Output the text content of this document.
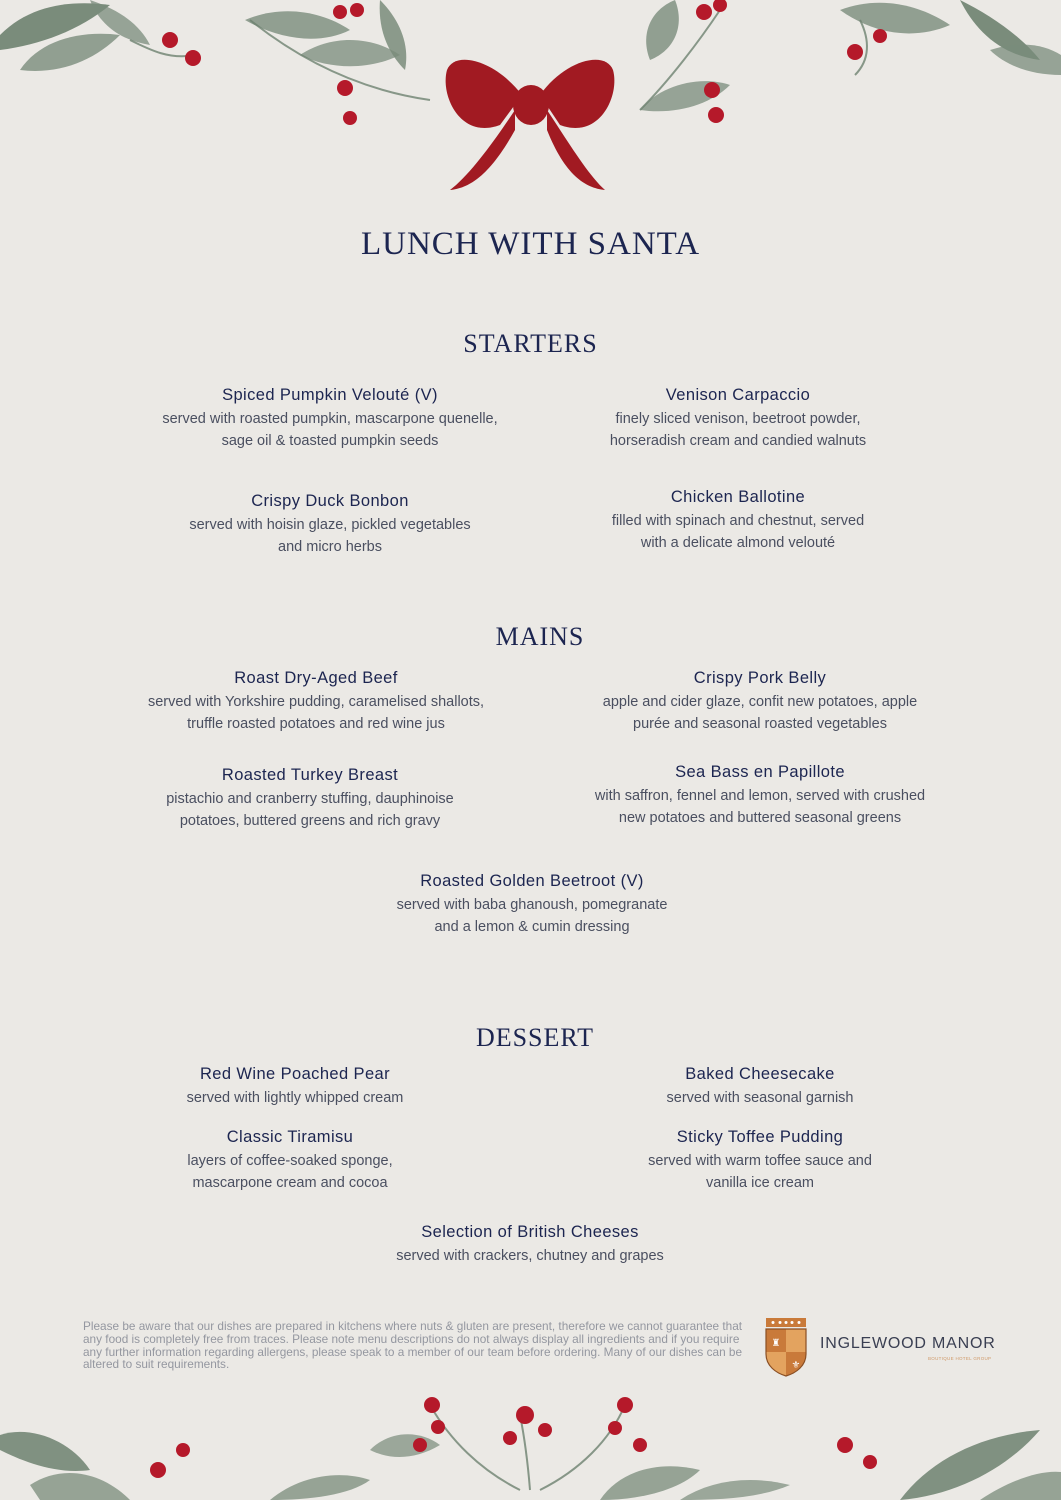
LUNCH WITH SANTA
STARTERS
Spiced Pumpkin Velouté (V)
served with roasted pumpkin, mascarpone quenelle,
sage oil & toasted pumpkin seeds
Venison Carpaccio
finely sliced venison, beetroot powder,
horseradish cream and candied walnuts
Crispy Duck Bonbon
served with hoisin glaze, pickled vegetables
and micro herbs
Chicken Ballotine
filled with spinach and chestnut, served
with a delicate almond velouté
MAINS
Roast Dry-Aged Beef
served with Yorkshire pudding, caramelised shallots,
truffle roasted potatoes and red wine jus
Crispy Pork Belly
apple and cider glaze, confit new potatoes, apple
purée and seasonal roasted vegetables
Roasted Turkey Breast
pistachio and cranberry stuffing, dauphinoise
potatoes, buttered greens and rich gravy
Sea Bass en Papillote
with saffron, fennel and lemon, served with crushed
new potatoes and buttered seasonal greens
Roasted Golden Beetroot (V)
served with baba ghanoush, pomegranate
and a lemon & cumin dressing
DESSERT
Red Wine Poached Pear
served with lightly whipped cream
Baked Cheesecake
served with seasonal garnish
Classic Tiramisu
layers of coffee-soaked sponge,
mascarpone cream and cocoa
Sticky Toffee Pudding
served with warm toffee sauce and
vanilla ice cream
Selection of British Cheeses
served with crackers, chutney and grapes
Please be aware that our dishes are prepared in kitchens where nuts & gluten are present, therefore we cannot guarantee that any food is completely free from traces. Please note menu descriptions do not always display all ingredients and if you require any further information regarding allergens, please speak to a member of our team before ordering. Many of our dishes can be altered to suit requirements.
♜
⚜
INGLEWOOD MANOR
BOUTIQUE HOTEL GROUP
